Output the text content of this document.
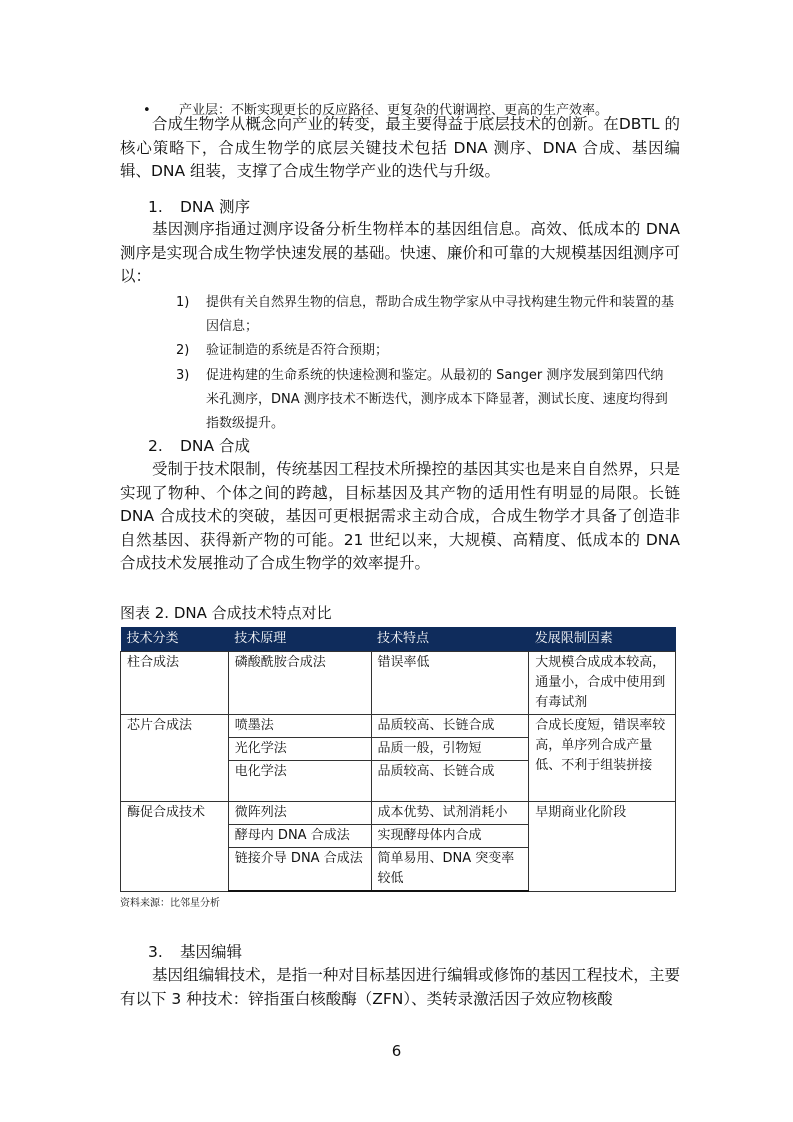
• 产业层：不断实现更长的反应路径、更复杂的代谢调控、更高的生产效率。

合成生物学从概念向产业的转变，最主要得益于底层技术的创新。在DBTL 的核心策略下，合成生物学的底层关键技术包括 DNA 测序、DNA 合成、基因编辑、DNA 组装，支撑了合成生物学产业的迭代与升级。

1. DNA 测序

基因测序指通过测序设备分析生物样本的基因组信息。高效、低成本的 DNA 测序是实现合成生物学快速发展的基础。快速、廉价和可靠的大规模基因组测序可以：

1) 提供有关自然界生物的信息，帮助合成生物学家从中寻找构建生物元件和装置的基因信息；
2) 验证制造的系统是否符合预期；
3) 促进构建的生命系统的快速检测和鉴定。从最初的 Sanger 测序发展到第四代纳米孔测序，DNA 测序技术不断迭代，测序成本下降显著，测试长度、速度均得到指数级提升。
2. DNA 合成

受制于技术限制，传统基因工程技术所操控的基因其实也是来自自然界，只是实现了物种、个体之间的跨越，目标基因及其产物的适用性有明显的局限。长链 DNA 合成技术的突破，基因可更根据需求主动合成，合成生物学才具备了创造非自然基因、获得新产物的可能。21 世纪以来，大规模、高精度、低成本的 DNA 合成技术发展推动了合成生物学的效率提升。

图表 2. DNA 合成技术特点对比
技术分类	技术原理	技术特点	发展限制因素
柱合成法	磷酸酰胺合成法	错误率低	大规模合成成本较高，通量小，合成中使用到有毒试剂
芯片合成法	喷墨法	品质较高、长链合成	合成长度短，错误率较高，单序列合成产量低、不利于组装拼接
	光化学法	品质一般，引物短	
	电化学法	品质较高、长链合成	
酶促合成技术	微阵列法	成本优势、试剂消耗小	早期商业化阶段
	酵母内 DNA 合成法	实现酵母体内合成	
	链接介导 DNA 合成法	简单易用、DNA 突变率较低	
资料来源：比邻星分析
3. 基因编辑

基因组编辑技术，是指一种对目标基因进行编辑或修饰的基因工程技术，主要有以下 3 种技术：锌指蛋白核酸酶（ZFN）、类转录激活因子效应物核酸

6
